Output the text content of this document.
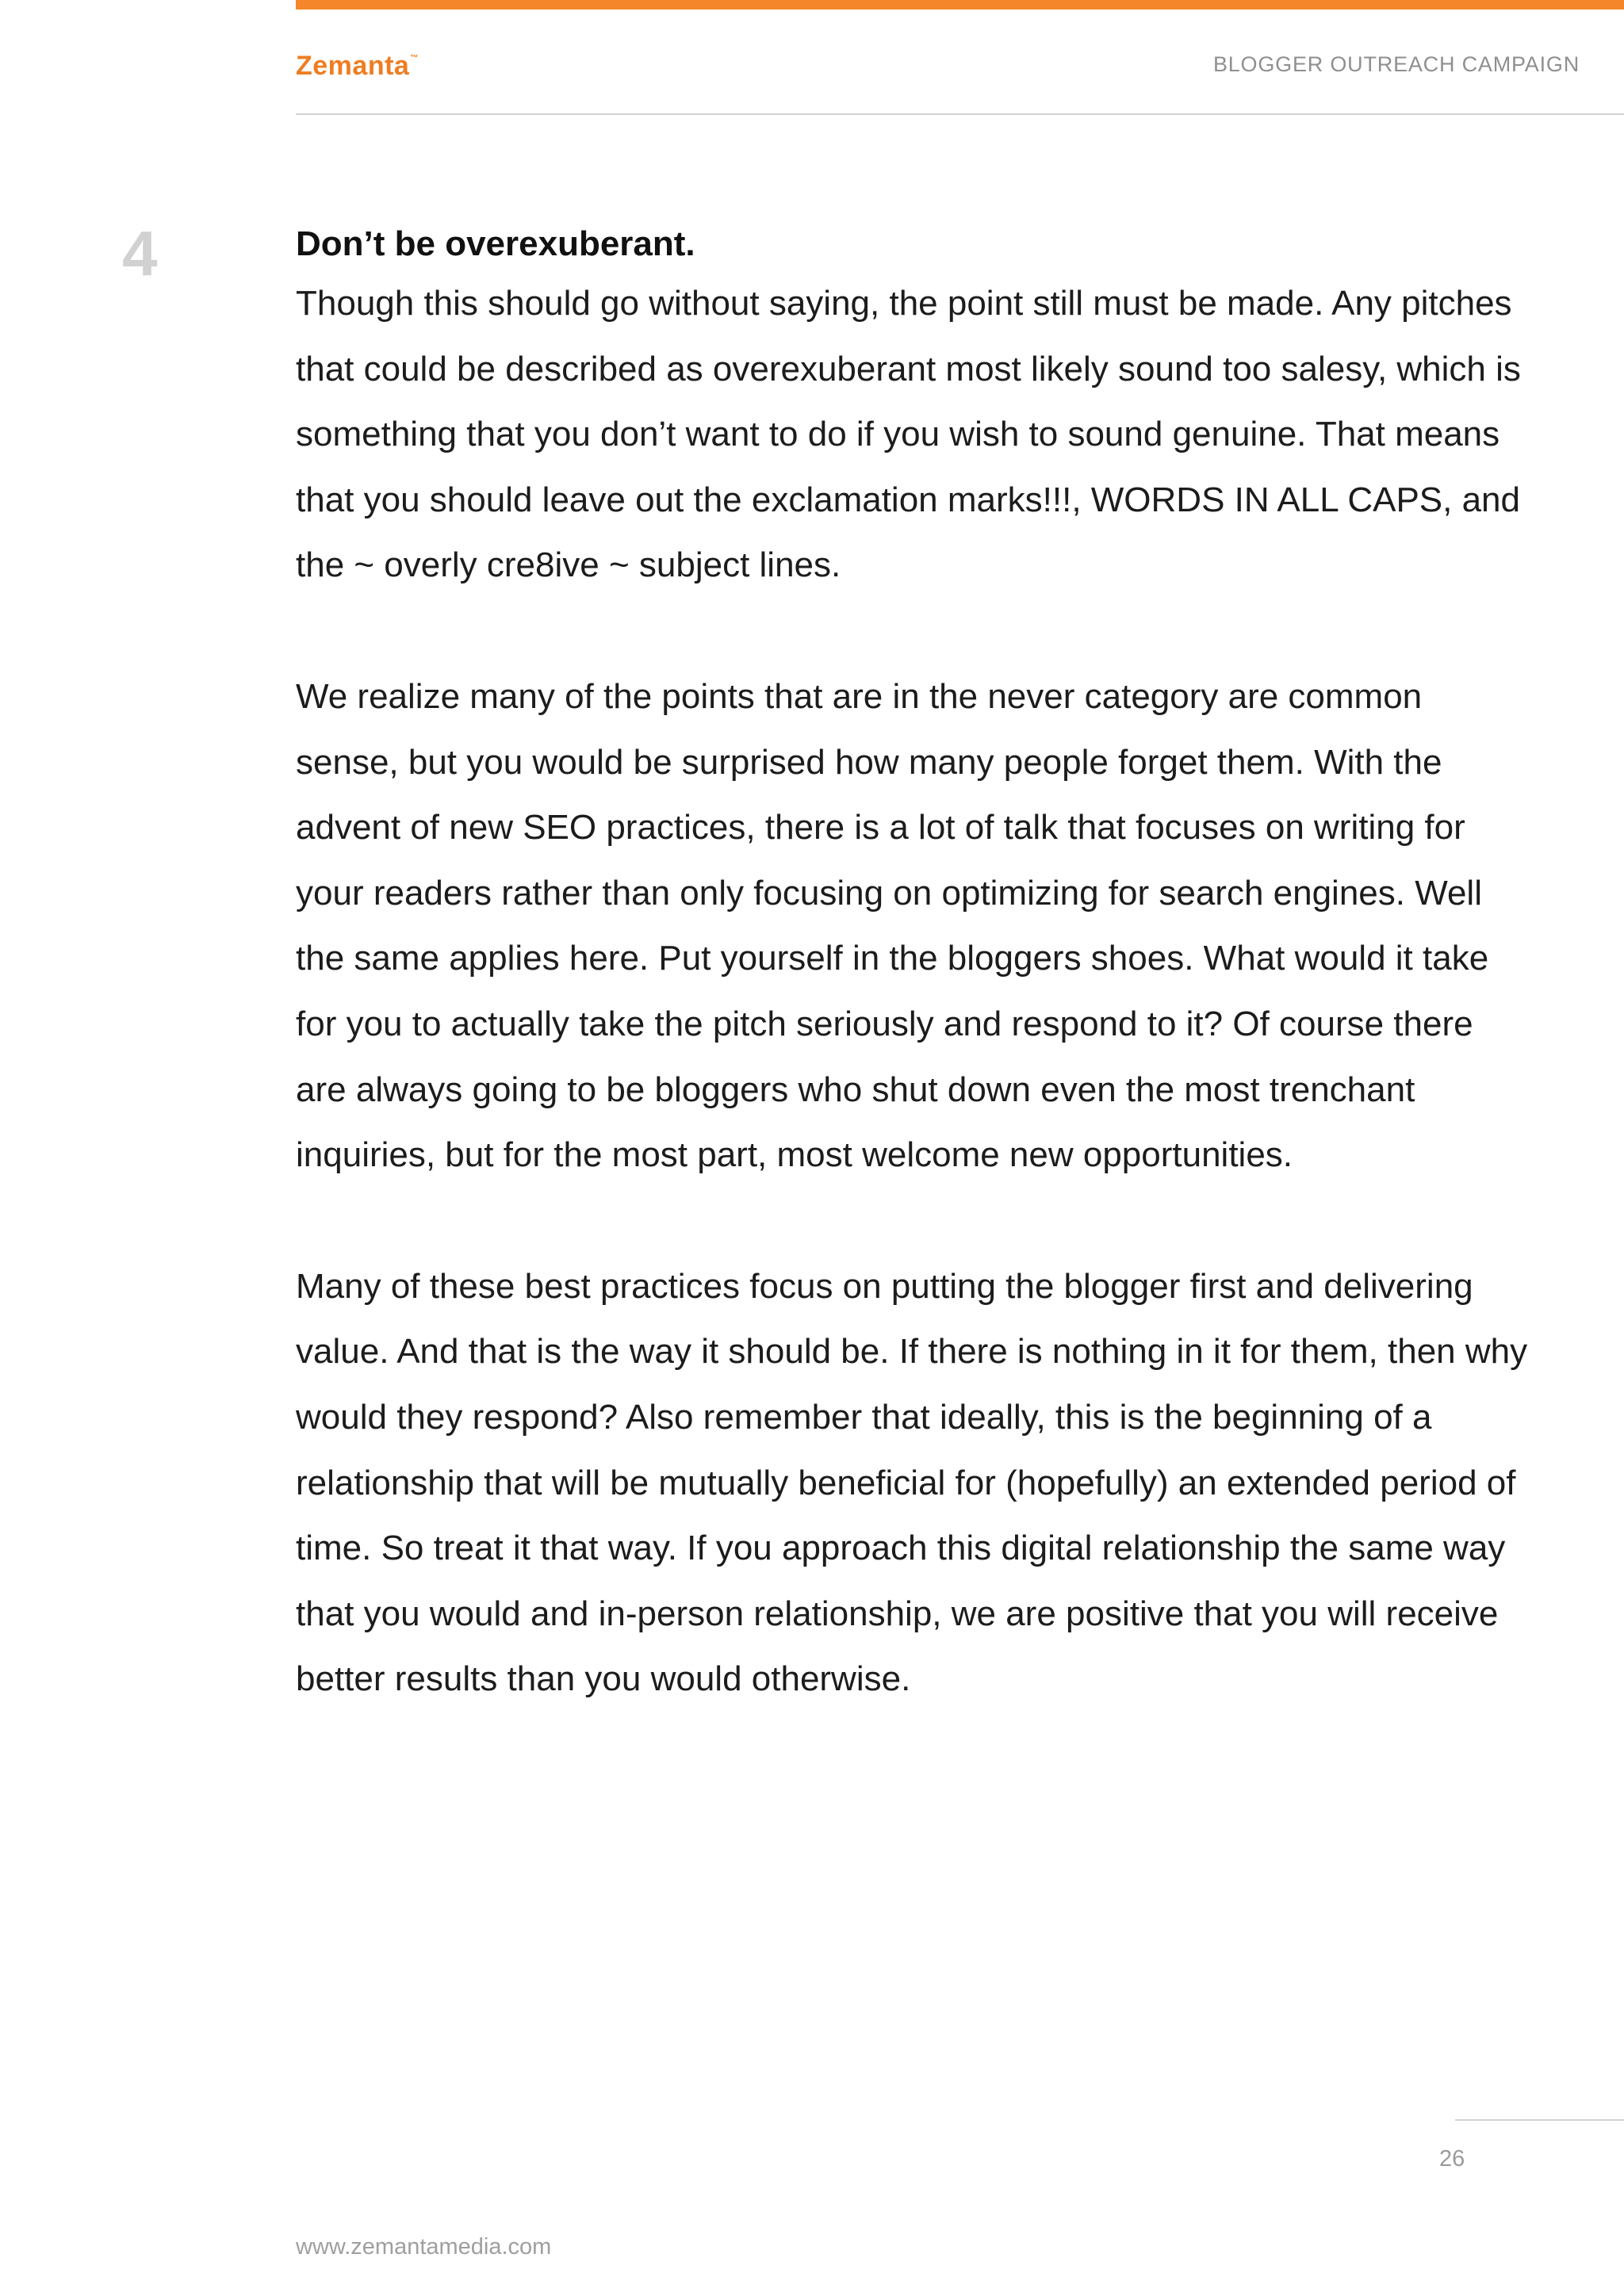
Zemanta™	BLOGGER OUTREACH CAMPAIGN
4	Don’t be overexuberant.

Though this should go without saying, the point still must be made. Any pitches that could be described as overexuberant most likely sound too salesy, which is something that you don’t want to do if you wish to sound genuine. That means that you should leave out the exclamation marks!!!, WORDS IN ALL CAPS, and the ~ overly cre8ive ~ subject lines.

We realize many of the points that are in the never category are common sense, but you would be surprised how many people forget them. With the advent of new SEO practices, there is a lot of talk that focuses on writing for your readers rather than only focusing on optimizing for search engines. Well the same applies here. Put yourself in the bloggers shoes. What would it take for you to actually take the pitch seriously and respond to it? Of course there are always going to be bloggers who shut down even the most trenchant inquiries, but for the most part, most welcome new opportunities.

Many of these best practices focus on putting the blogger first and delivering value. And that is the way it should be. If there is nothing in it for them, then why would they respond? Also remember that ideally, this is the beginning of a relationship that will be mutually beneficial for (hopefully) an extended period of time. So treat it that way. If you approach this digital relationship the same way that you would and in-person relationship, we are positive that you will receive better results than you would otherwise.

26
www.zemantamedia.com
